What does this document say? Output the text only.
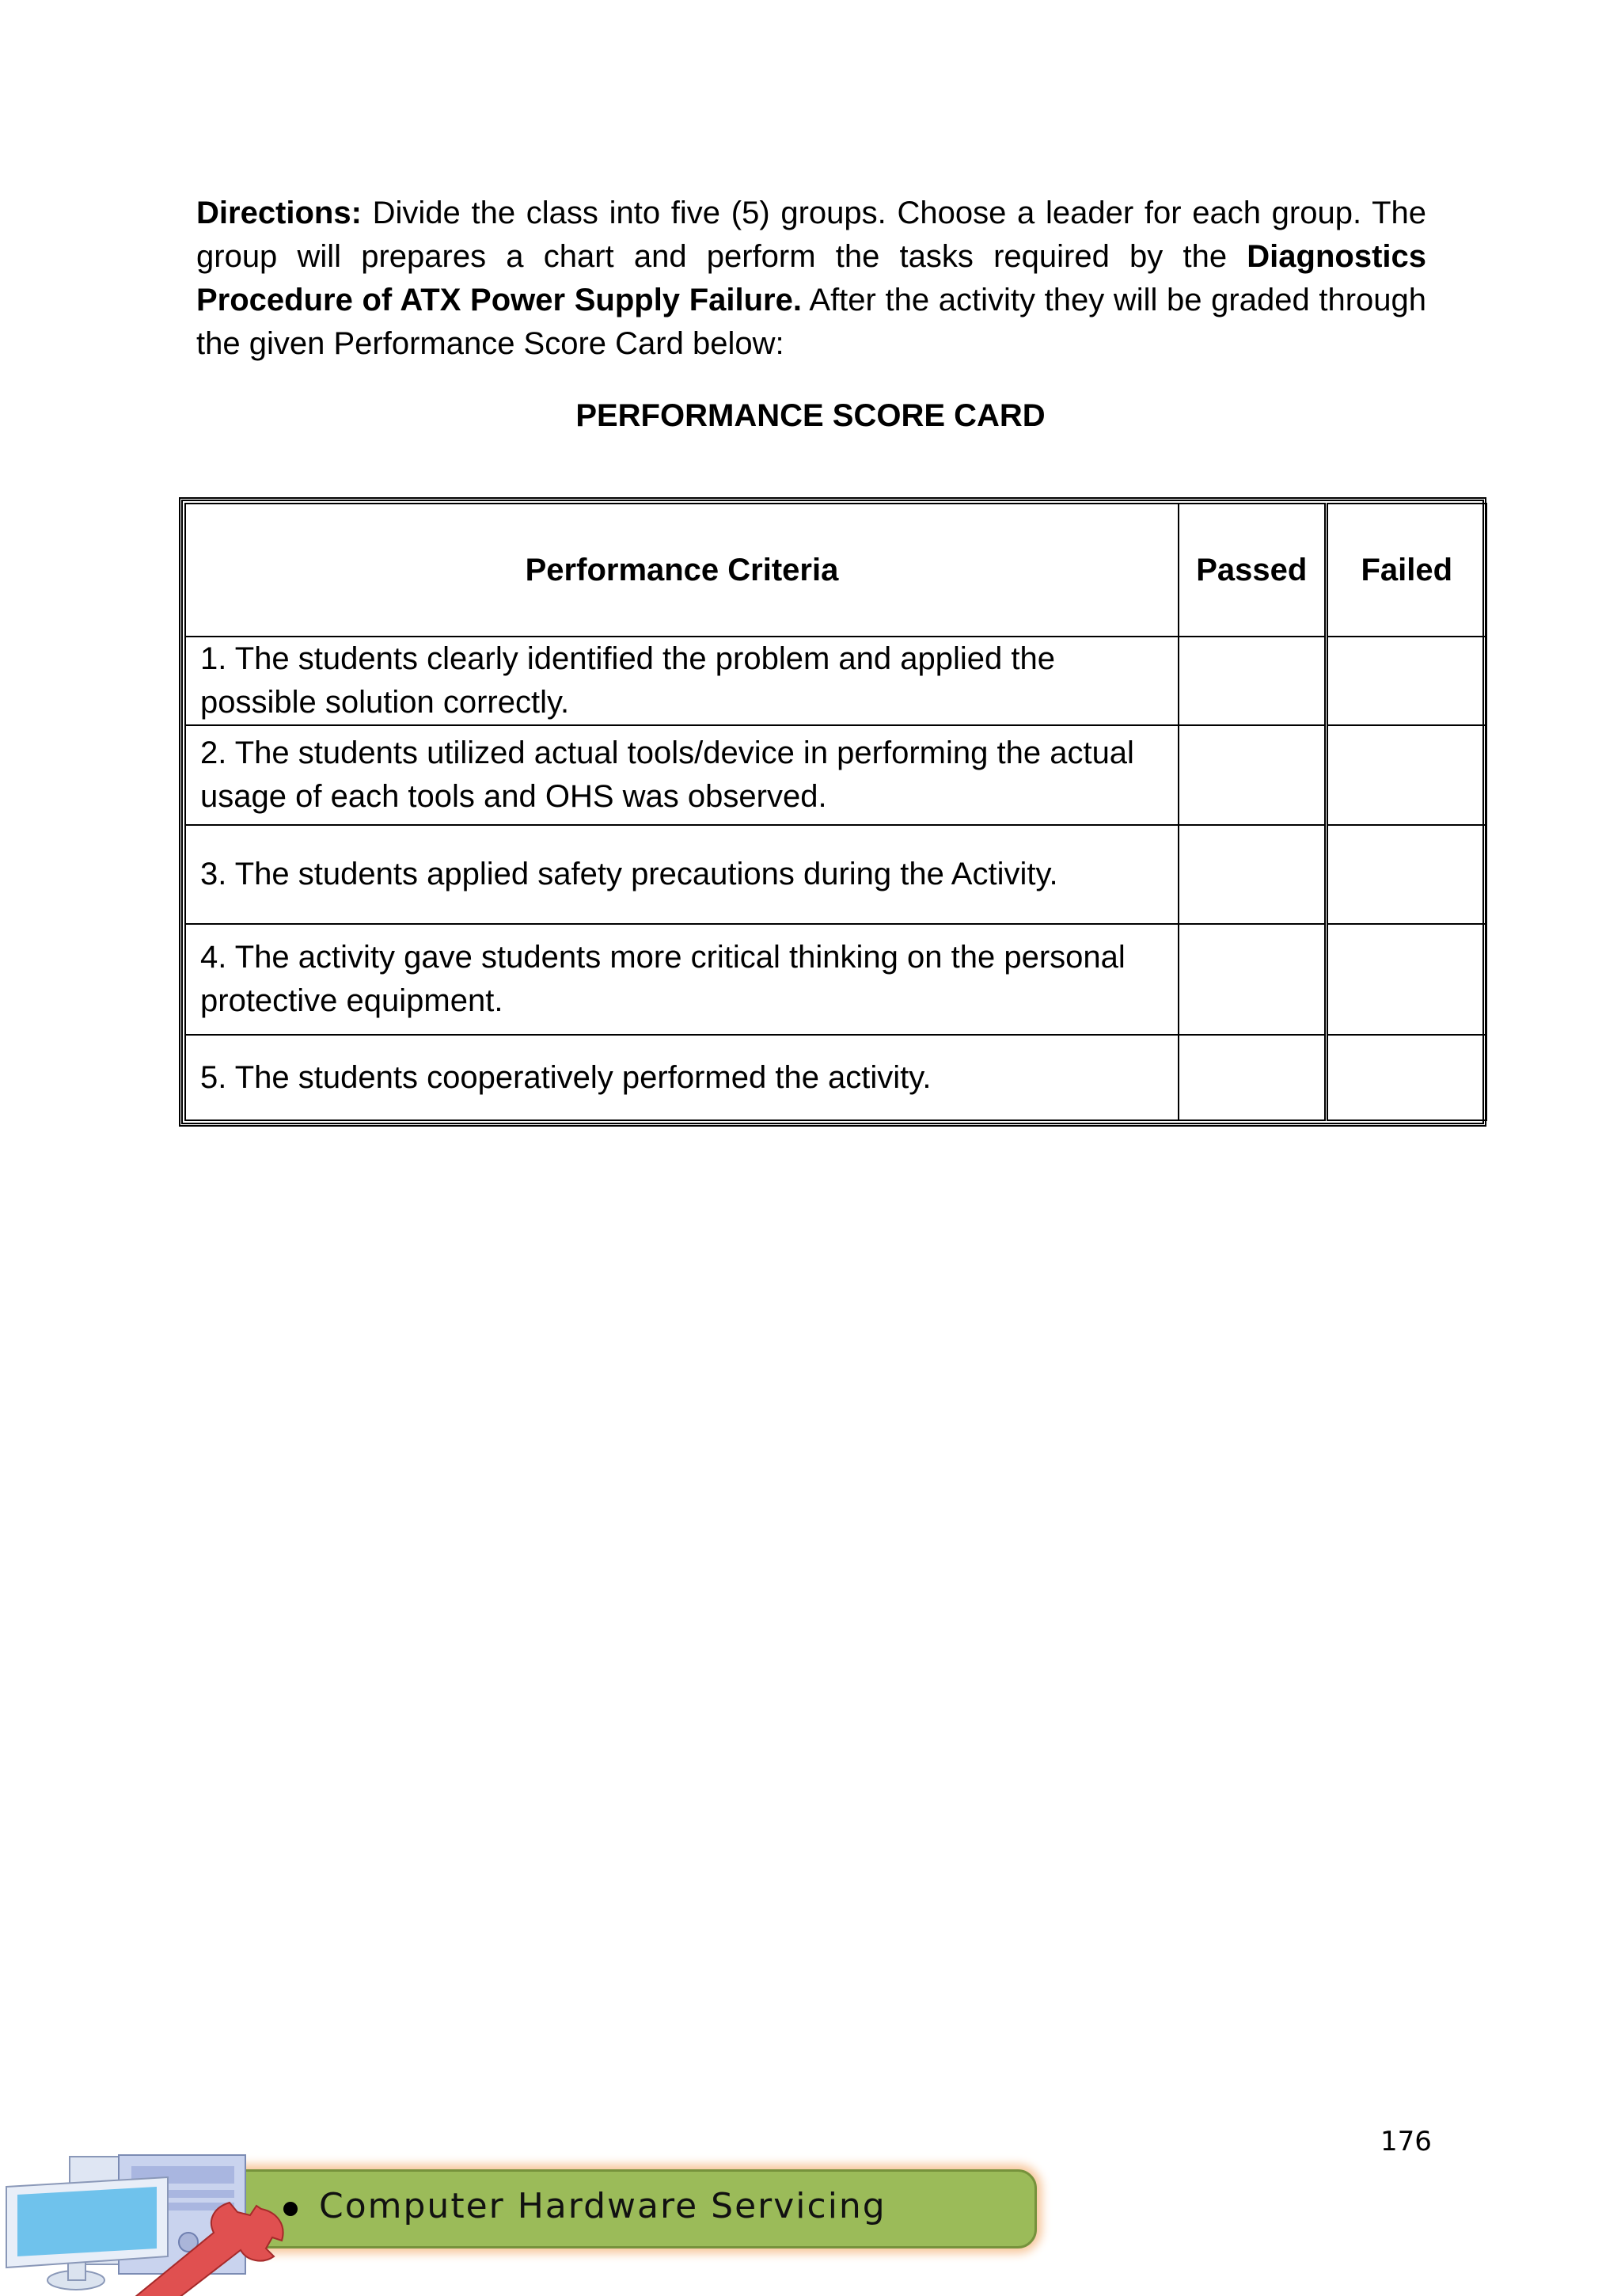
Directions: Divide the class into five (5) groups. Choose a leader for each group. The group will prepares a chart and perform the tasks required by the Diagnostics Procedure of ATX Power Supply Failure. After the activity they will be graded through the given Performance Score Card below:

PERFORMANCE SCORE CARD
Performance Criteria	Passed	Failed
1. The students clearly identified the problem and applied the possible solution correctly.		
2. The students utilized actual tools/device in performing the actual usage of each tools and OHS was observed.		
3. The students applied safety precautions during the Activity.		
4. The activity gave students more critical thinking on the personal protective equipment.		
5. The students cooperatively performed the activity.		
176
Computer Hardware Servicing
